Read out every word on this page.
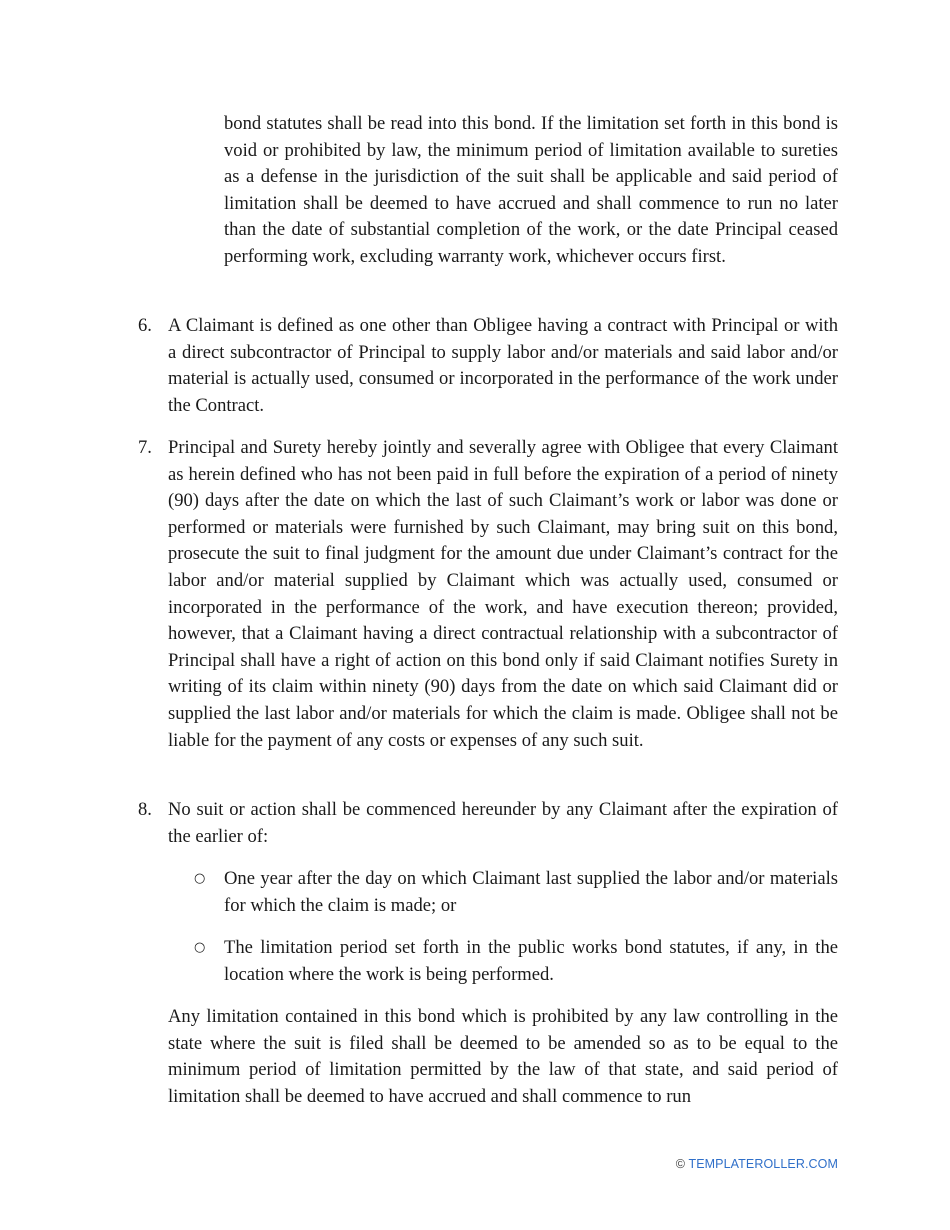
bond statutes shall be read into this bond. If the limitation set forth in this bond is void or prohibited by law, the minimum period of limitation available to sureties as a defense in the jurisdiction of the suit shall be applicable and said period of limitation shall be deemed to have accrued and shall commence to run no later than the date of substantial completion of the work, or the date Principal ceased performing work, excluding warranty work, whichever occurs first.

6. A Claimant is defined as one other than Obligee having a contract with Principal or with a direct subcontractor of Principal to supply labor and/or materials and said labor and/or material is actually used, consumed or incorporated in the performance of the work under the Contract.

7. Principal and Surety hereby jointly and severally agree with Obligee that every Claimant as herein defined who has not been paid in full before the expiration of a period of ninety (90) days after the date on which the last of such Claimant’s work or labor was done or performed or materials were furnished by such Claimant, may bring suit on this bond, prosecute the suit to final judgment for the amount due under Claimant’s contract for the labor and/or material supplied by Claimant which was actually used, consumed or incorporated in the performance of the work, and have execution thereon; provided, however, that a Claimant having a direct contractual relationship with a subcontractor of Principal shall have a right of action on this bond only if said Claimant notifies Surety in writing of its claim within ninety (90) days from the date on which said Claimant did or supplied the last labor and/or materials for which the claim is made. Obligee shall not be liable for the payment of any costs or expenses of any such suit.

8. No suit or action shall be commenced hereunder by any Claimant after the expiration of the earlier of:

○ One year after the day on which Claimant last supplied the labor and/or materials for which the claim is made; or

○ The limitation period set forth in the public works bond statutes, if any, in the location where the work is being performed.

Any limitation contained in this bond which is prohibited by any law controlling in the state where the suit is filed shall be deemed to be amended so as to be equal to the minimum period of limitation permitted by the law of that state, and said period of limitation shall be deemed to have accrued and shall commence to run

© TEMPLATEROLLER.COM
